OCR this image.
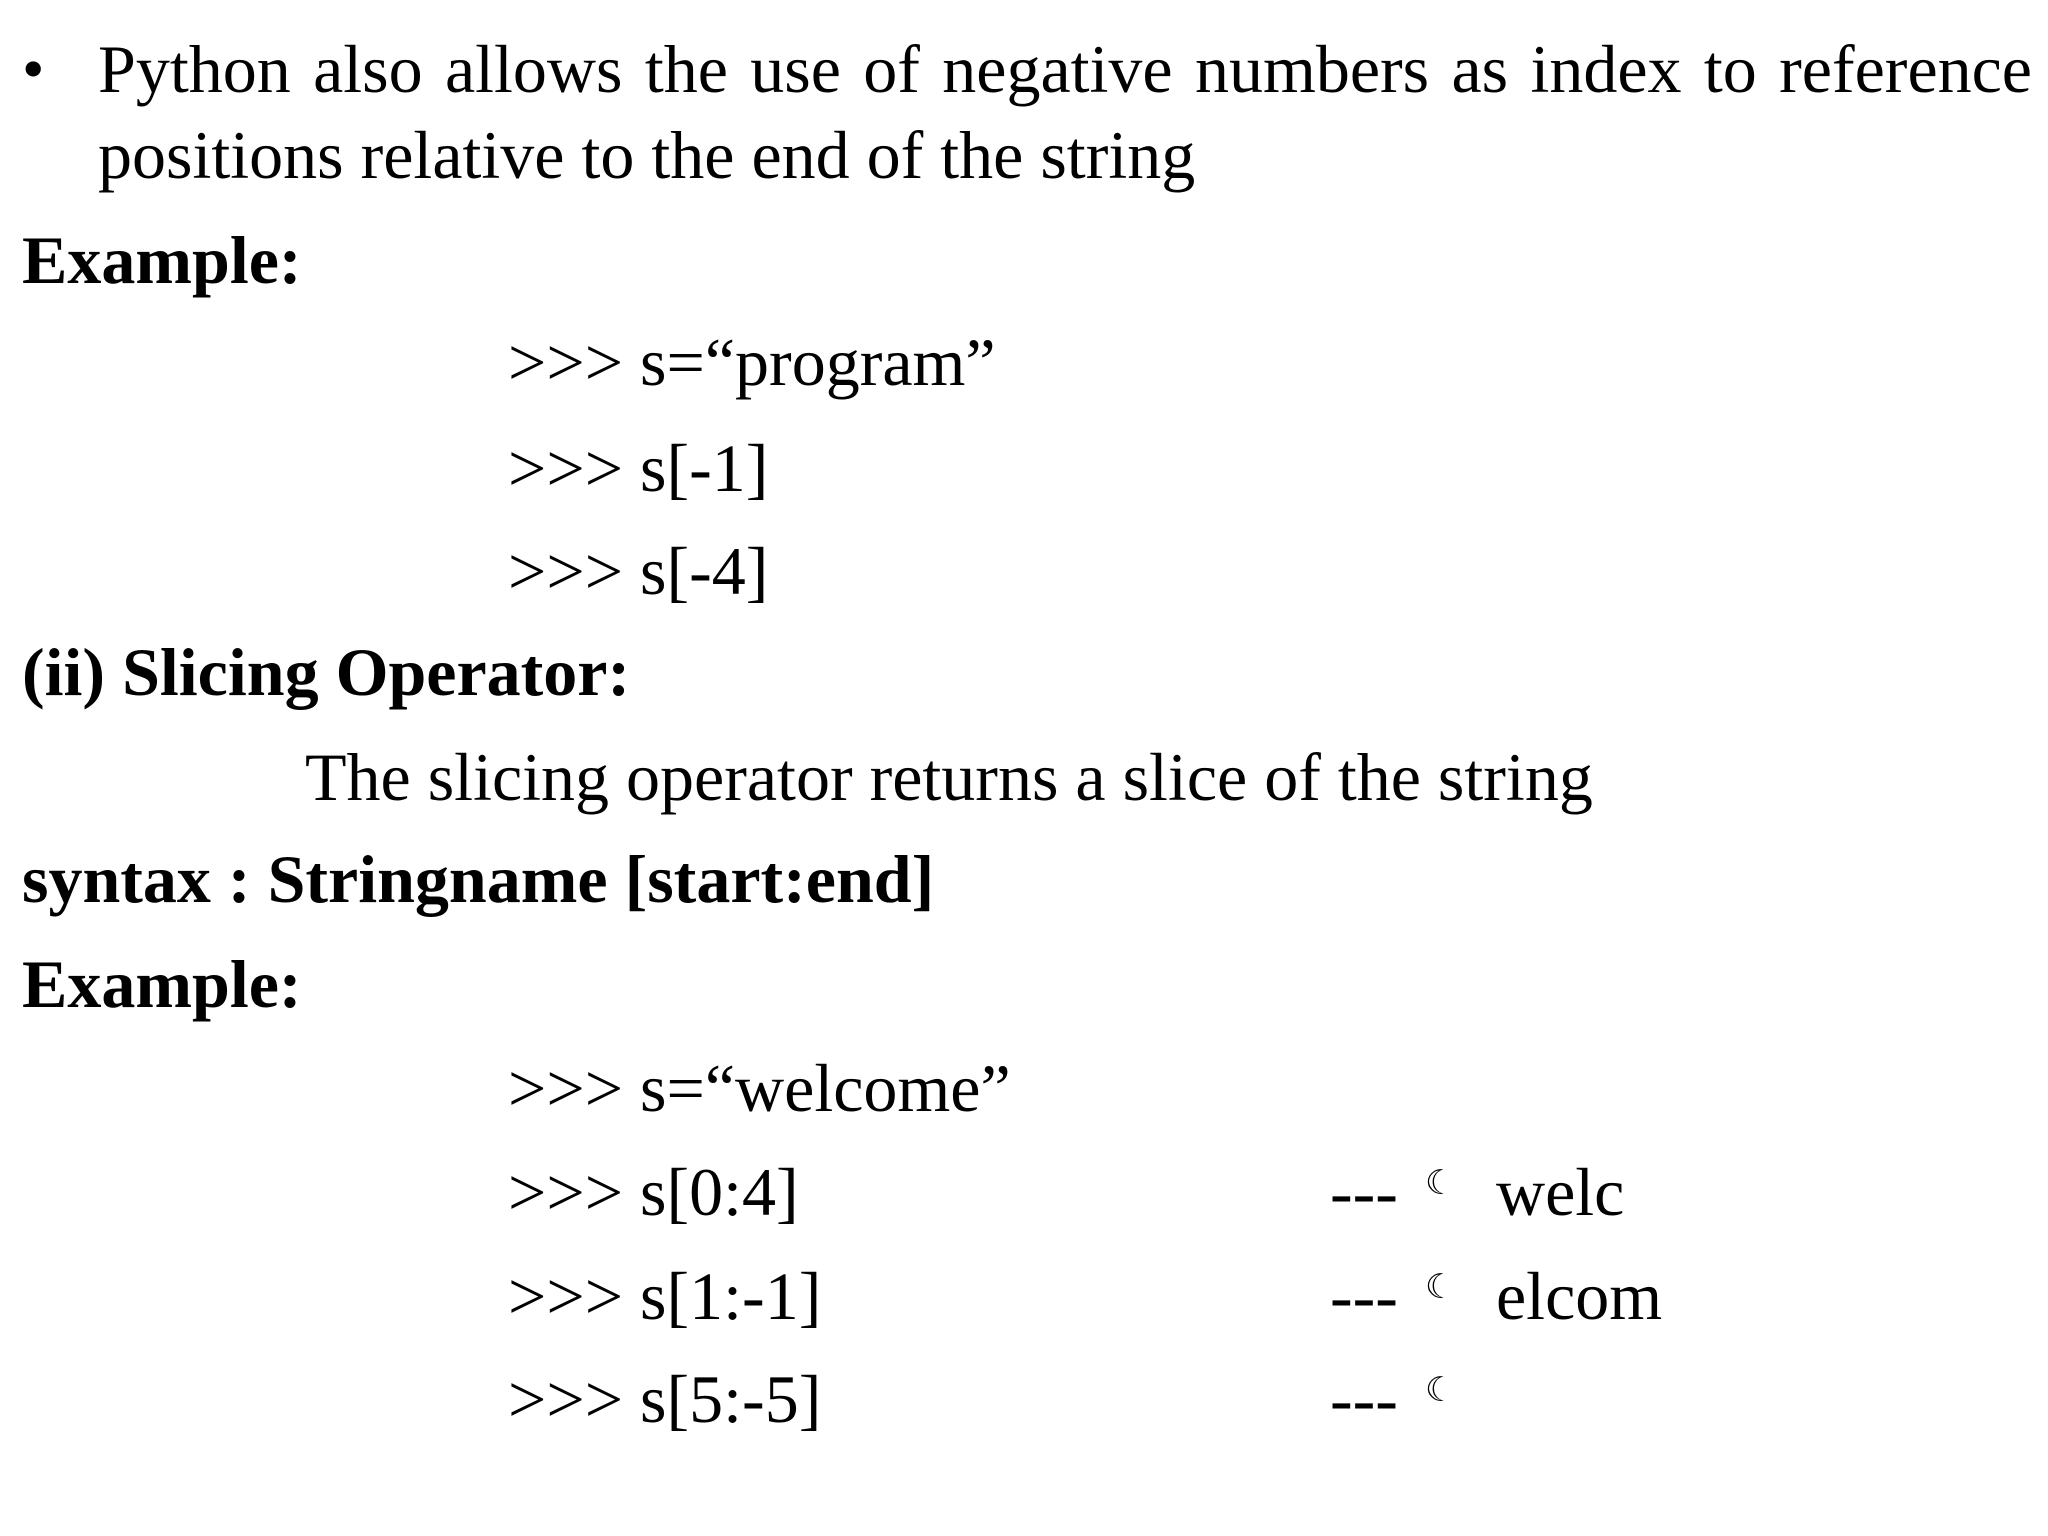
• Python also allows the use of negative numbers as index to reference positions relative to the end of the string
Example:
>>> s=“program”
>>> s[-1]
>>> s[-4]
(ii) Slicing Operator:
The slicing operator returns a slice of the string
syntax : Stringname [start:end]
Example:
>>> s=“welcome”
>>> s[0:4]	--- ☾ welc
>>> s[1:-1]	--- ☾ elcom
>>> s[5:-5]	--- ☾
